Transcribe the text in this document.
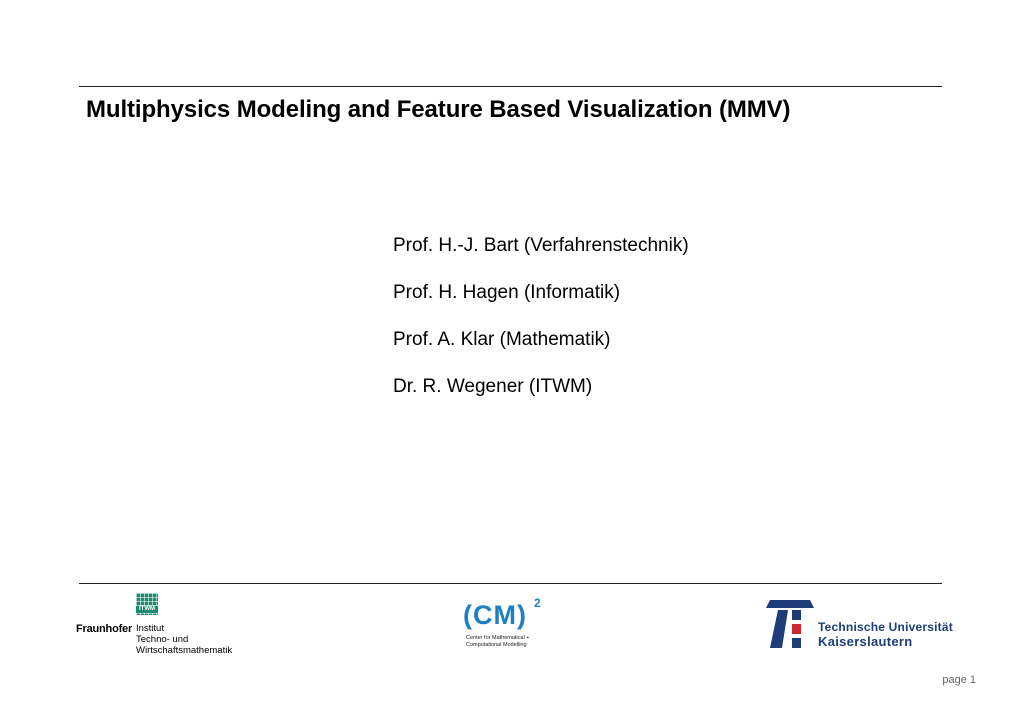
Multiphysics Modeling and Feature Based Visualization (MMV)
Prof. H.-J. Bart (Verfahrenstechnik)
Prof. H. Hagen (Informatik)
Prof. A. Klar (Mathematik)
Dr. R. Wegener (ITWM)
ITWM
Fraunhofer Institut
Techno- und
Wirtschaftsmathematik
(CM) 2
Center for Mathematical +
Computational Modelling
Technische Universität
Kaiserslautern
page 1
